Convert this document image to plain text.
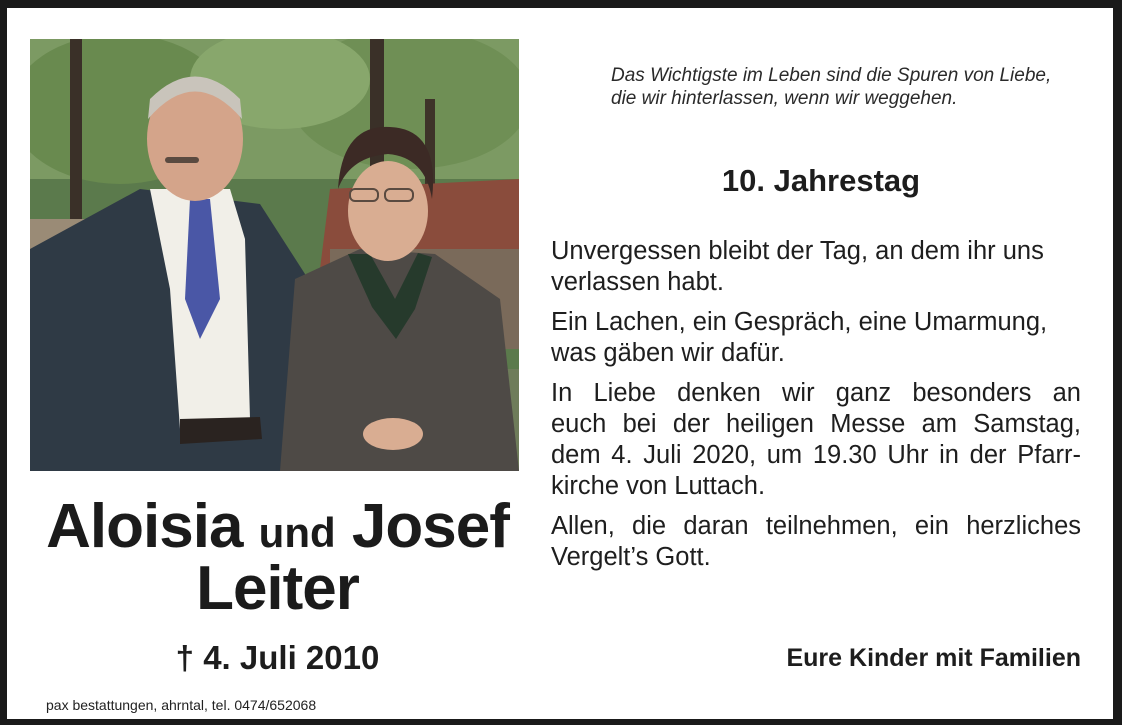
Aloisia und Josef
Leiter
† 4. Juli 2010
pax bestattungen, ahrntal, tel. 0474/652068
Das Wichtigste im Leben sind die Spuren von Liebe,
die wir hinterlassen, wenn wir weggehen.
10. Jahrestag

Unvergessen bleibt der Tag, an dem ihr uns
verlassen habt.

Ein Lachen, ein Gespräch, eine Umarmung,
was gäben wir dafür.

In Liebe denken wir ganz besonders an
euch bei der heiligen Messe am Samstag,
dem 4. Juli 2020, um 19.30 Uhr in der Pfarr-
kirche von Luttach.

Allen, die daran teilnehmen, ein herzliches
Vergelt’s Gott.

Eure Kinder mit Familien
